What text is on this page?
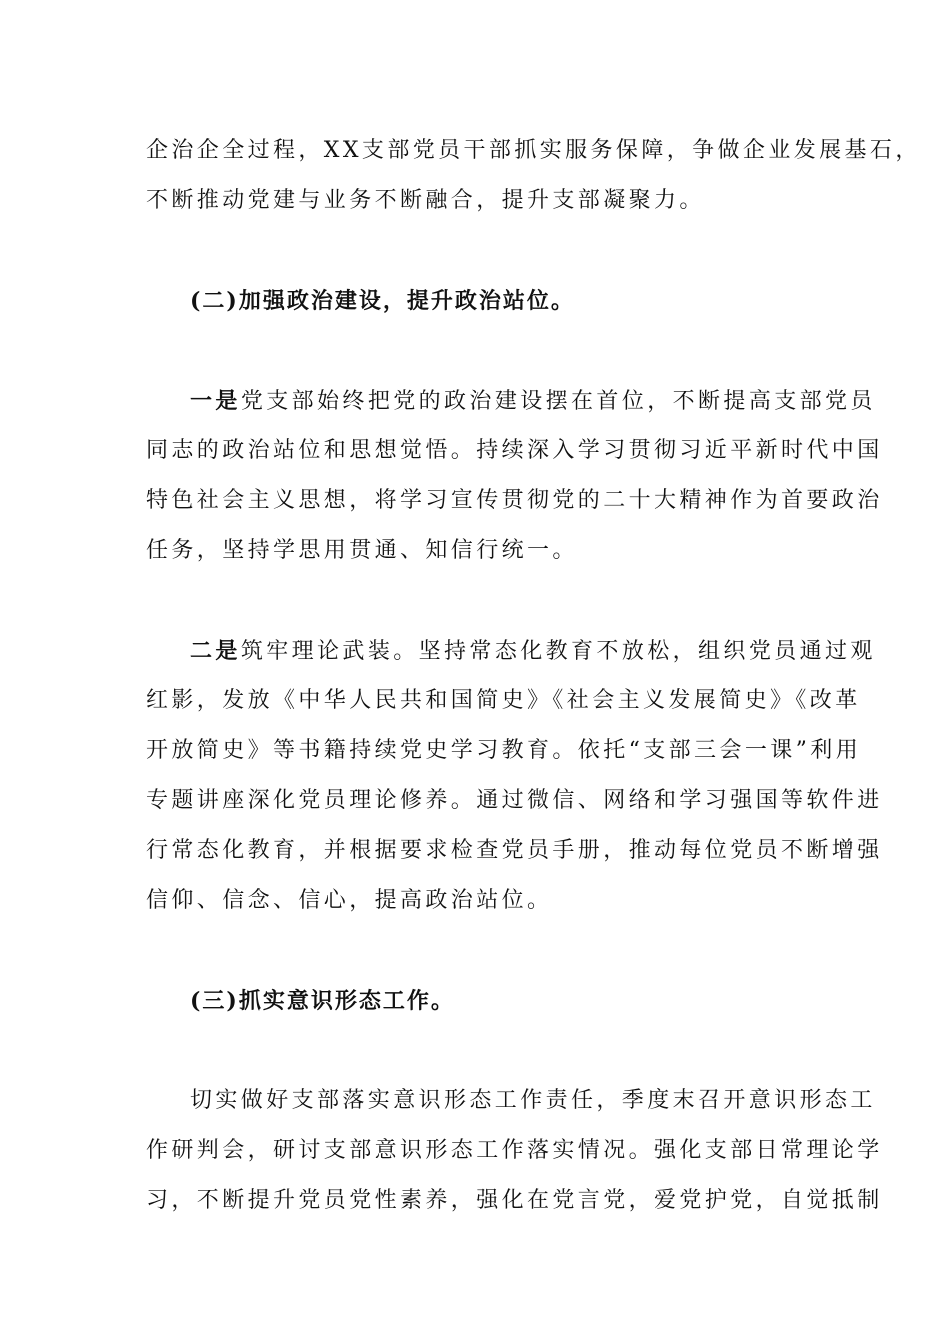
企治企全过程，XX支部党员干部抓实服务保障，争做企业发展基石，
不断推动党建与业务不断融合，提升支部凝聚力。
(二)加强政治建设，提升政治站位。
一是党支部始终把党的政治建设摆在首位，不断提高支部党员
同志的政治站位和思想觉悟。持续深入学习贯彻习近平新时代中国
特色社会主义思想，将学习宣传贯彻党的二十大精神作为首要政治
任务，坚持学思用贯通、知信行统一。
二是筑牢理论武装。坚持常态化教育不放松，组织党员通过观
红影，发放《中华人民共和国简史》《社会主义发展简史》《改革
开放简史》等书籍持续党史学习教育。依托“支部三会一课”利用
专题讲座深化党员理论修养。通过微信、网络和学习强国等软件进
行常态化教育，并根据要求检查党员手册，推动每位党员不断增强
信仰、信念、信心，提高政治站位。
(三)抓实意识形态工作。
切实做好支部落实意识形态工作责任，季度末召开意识形态工
作研判会，研讨支部意识形态工作落实情况。强化支部日常理论学
习，不断提升党员党性素养，强化在党言党，爱党护党，自觉抵制
